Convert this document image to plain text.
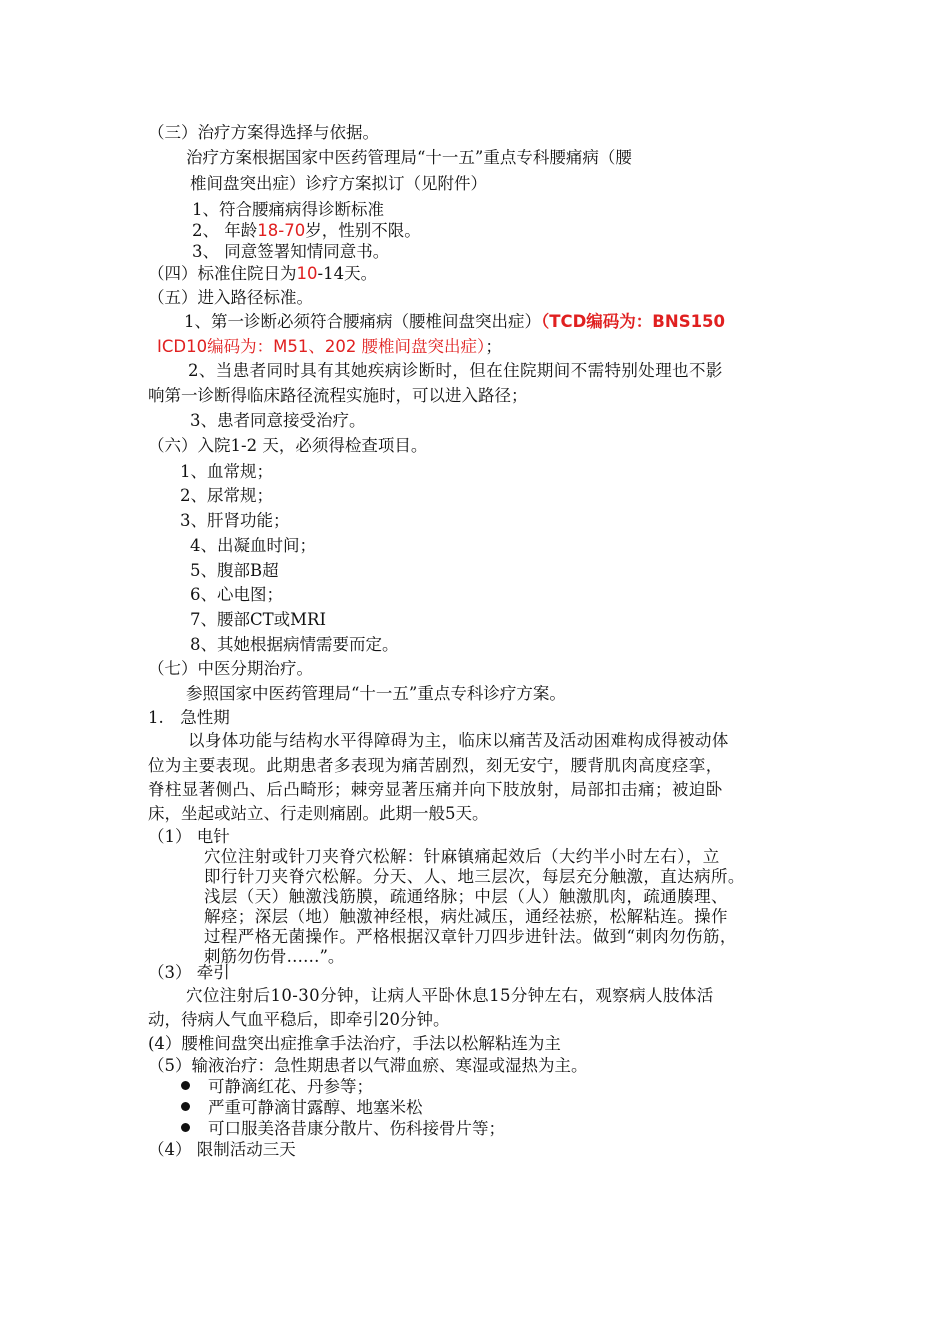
（三）治疗方案得选择与依据。
治疗方案根据国家中医药管理局“十一五”重点专科腰痛病（腰
椎间盘突出症）诊疗方案拟订（见附件）
1、符合腰痛病得诊断标准
2、 年龄18-70岁，性别不限。
3、 同意签署知情同意书。
（四）标准住院日为10-14天。
（五）进入路径标准。
1、第一诊断必须符合腰痛病（腰椎间盘突出症）（TCD编码为：BNS150
ICD10编码为：M51、202 腰椎间盘突出症）；
2、当患者同时具有其她疾病诊断时，但在住院期间不需特别处理也不影
响第一诊断得临床路径流程实施时，可以进入路径；
3、患者同意接受治疗。
（六）入院1-2 天，必须得检查项目。
1、血常规；
2、尿常规；
3、肝肾功能；
4、出凝血时间；
5、腹部B超
6、心电图；
7、腰部CT或MRI
8、其她根据病情需要而定。
（七）中医分期治疗。
参照国家中医药管理局“十一五”重点专科诊疗方案。
1.　急性期
以身体功能与结构水平得障碍为主，临床以痛苦及活动困难构成得被动体
位为主要表现。此期患者多表现为痛苦剧烈，刻无安宁，腰背肌肉高度痉挛，
脊柱显著侧凸、后凸畸形；棘旁显著压痛并向下肢放射，局部扣击痛；被迫卧
床，坐起或站立、行走则痛剧。此期一般5天。
（1） 电针
穴位注射或针刀夹脊穴松解：针麻镇痛起效后（大约半小时左右），立
即行针刀夹脊穴松解。分天、人、地三层次，每层充分触激，直达病所。
浅层（天）触激浅筋膜，疏通络脉；中层（人）触激肌肉，疏通腠理、
解痉；深层（地）触激神经根，病灶减压，通经祛瘀，松解粘连。操作
过程严格无菌操作。严格根据汉章针刀四步进针法。做到“刺肉勿伤筋，
刺筋勿伤骨……”。
（3） 牵引
穴位注射后10-30分钟，让病人平卧休息15分钟左右，观察病人肢体活
动，待病人气血平稳后，即牵引20分钟。
(4）腰椎间盘突出症推拿手法治疗，手法以松解粘连为主
（5）输液治疗：急性期患者以气滞血瘀、寒湿或湿热为主。
可静滴红花、丹参等；
严重可静滴甘露醇、地塞米松
可口服美洛昔康分散片、伤科接骨片等；
（4） 限制活动三天
